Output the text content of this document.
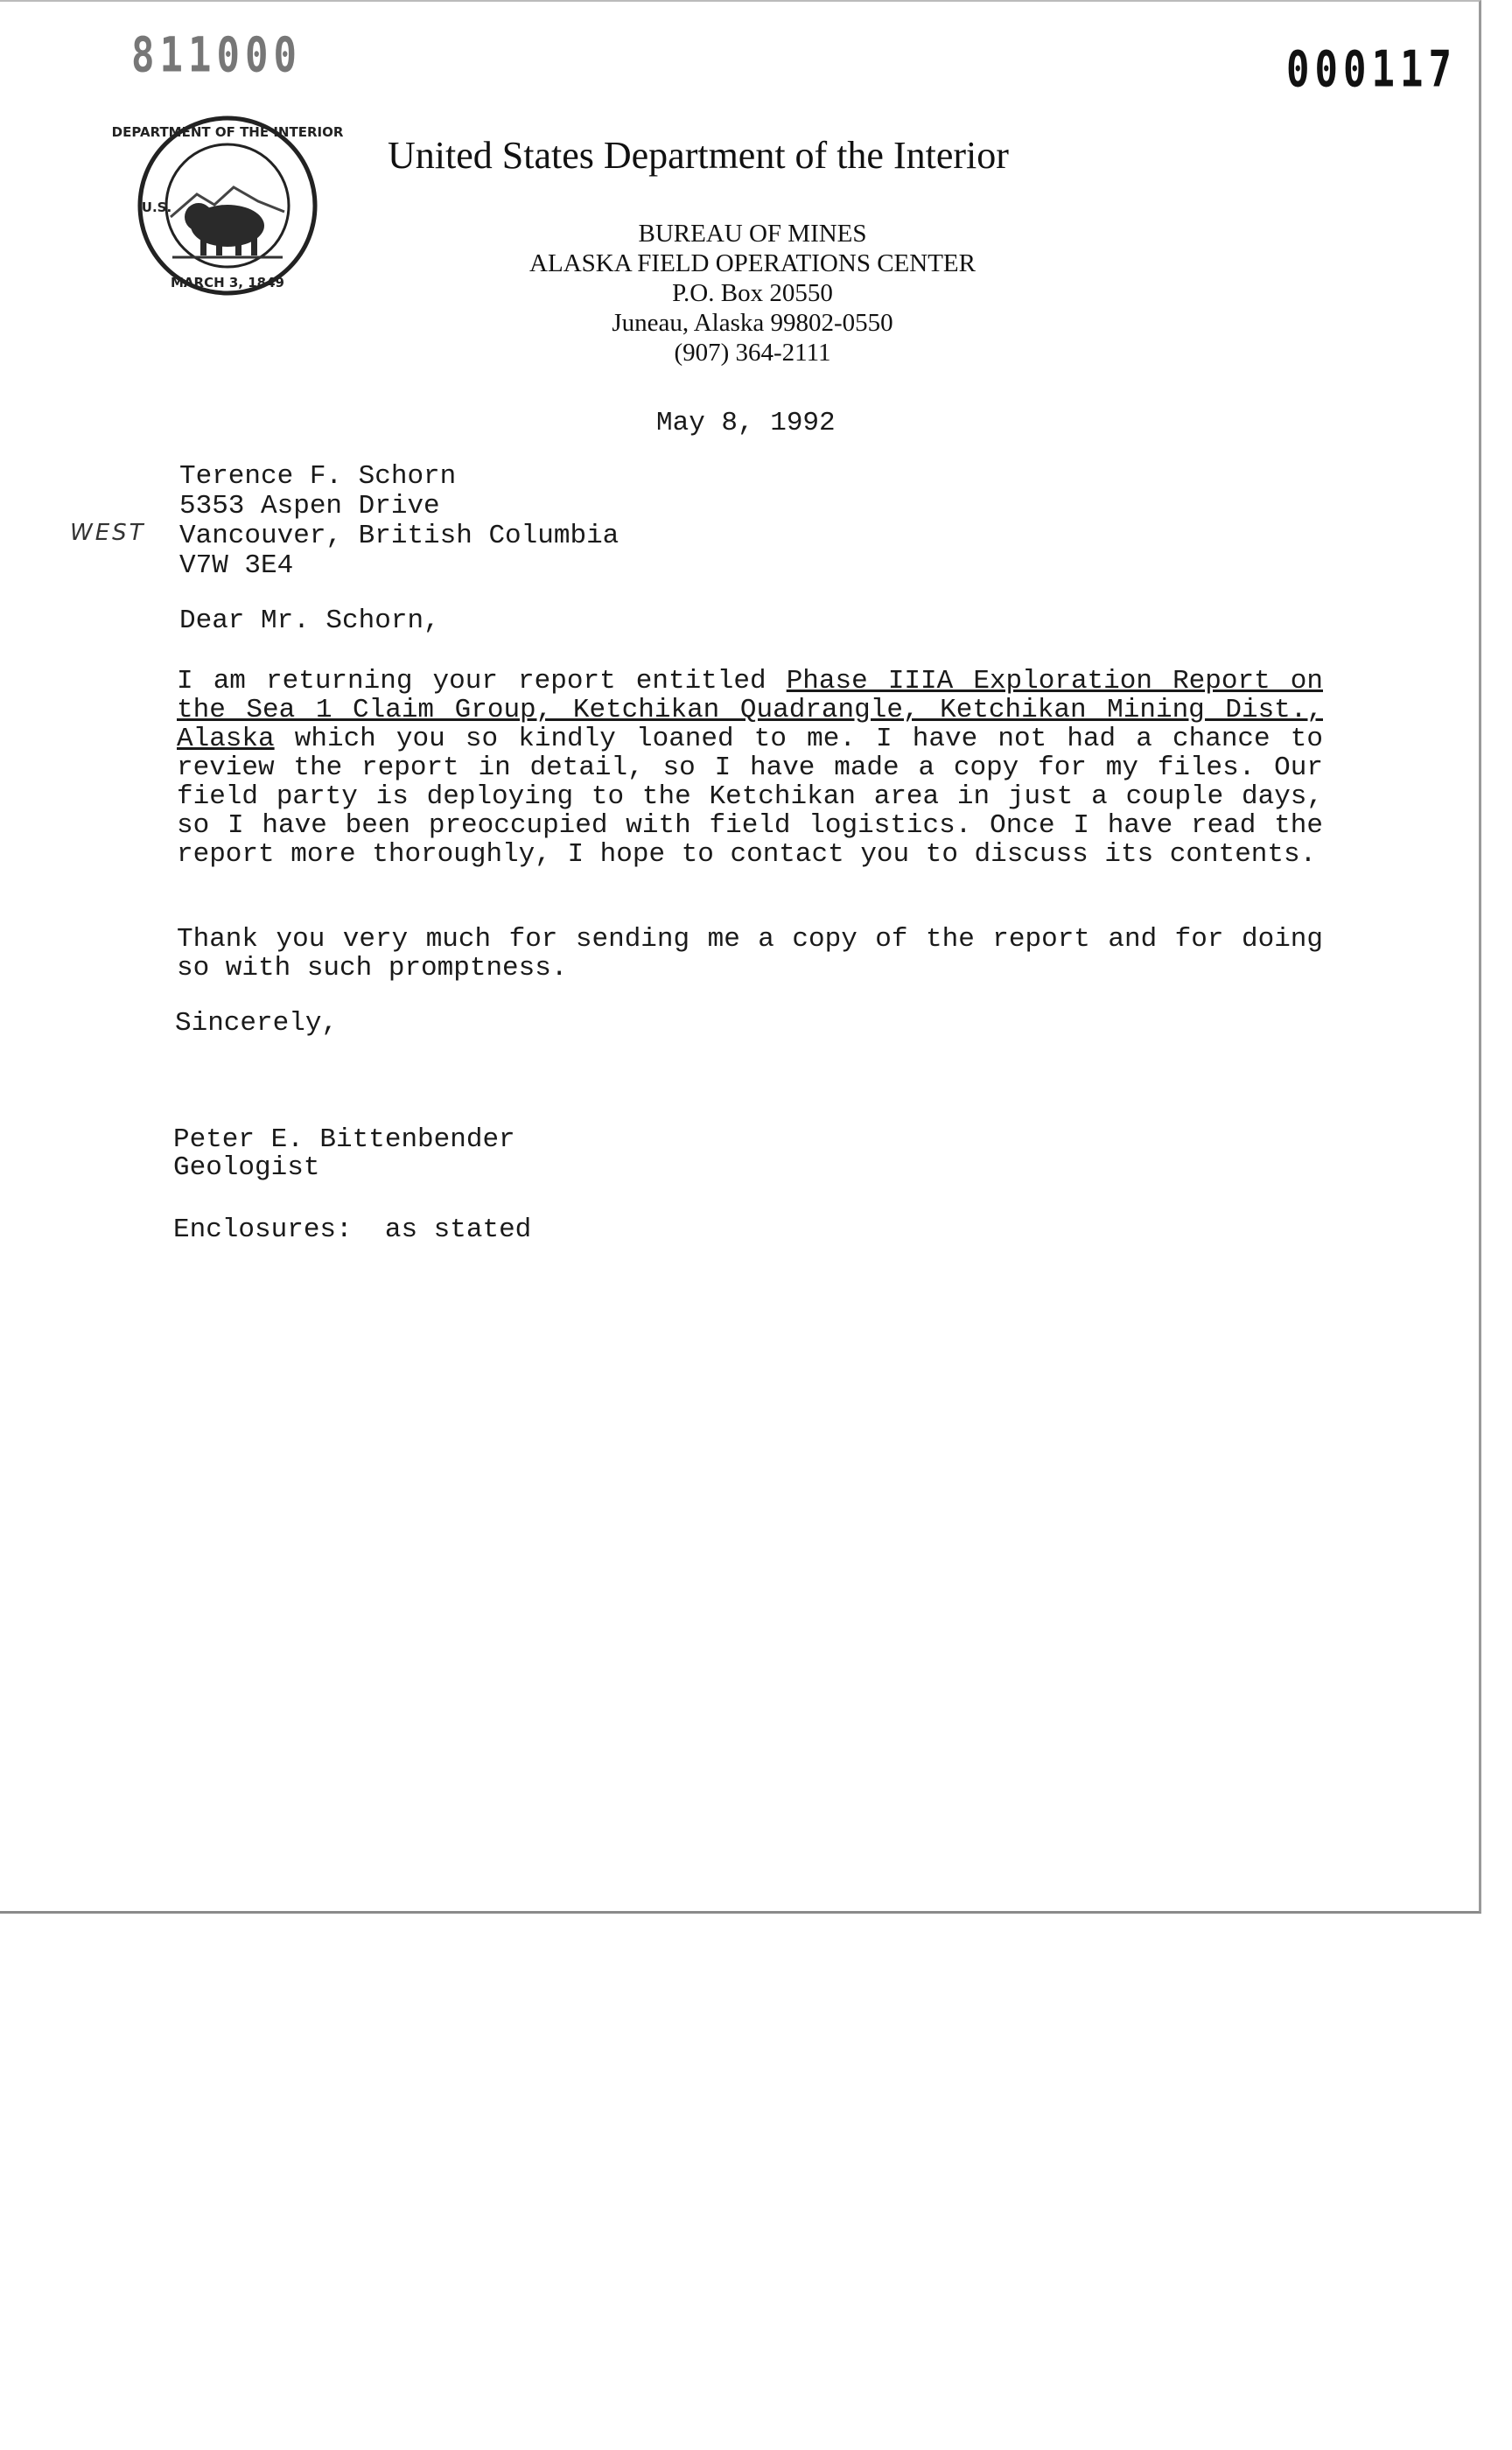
811000	000117
DEPARTMENT OF THE INTERIOR
U.S.
MARCH 3, 1849
United States Department of the Interior
BUREAU OF MINES
ALASKA FIELD OPERATIONS CENTER
P.O. Box 20550
Juneau, Alaska 99802-0550
(907) 364-2111
May 8, 1992
WEST
Terence F. Schorn
5353 Aspen Drive
Vancouver, British Columbia
V7W 3E4
Dear Mr. Schorn,
I am returning your report entitled Phase IIIA Exploration Report on the Sea 1 Claim Group, Ketchikan Quadrangle, Ketchikan Mining Dist., Alaska which you so kindly loaned to me. I have not had a chance to review the report in detail, so I have made a copy for my files. Our field party is deploying to the Ketchikan area in just a couple days, so I have been preoccupied with field logistics. Once I have read the report more thoroughly, I hope to contact you to discuss its contents.
Thank you very much for sending me a copy of the report and for doing so with such promptness.
Sincerely,
Peter E. Bittenbender
Geologist
Enclosures: as stated
